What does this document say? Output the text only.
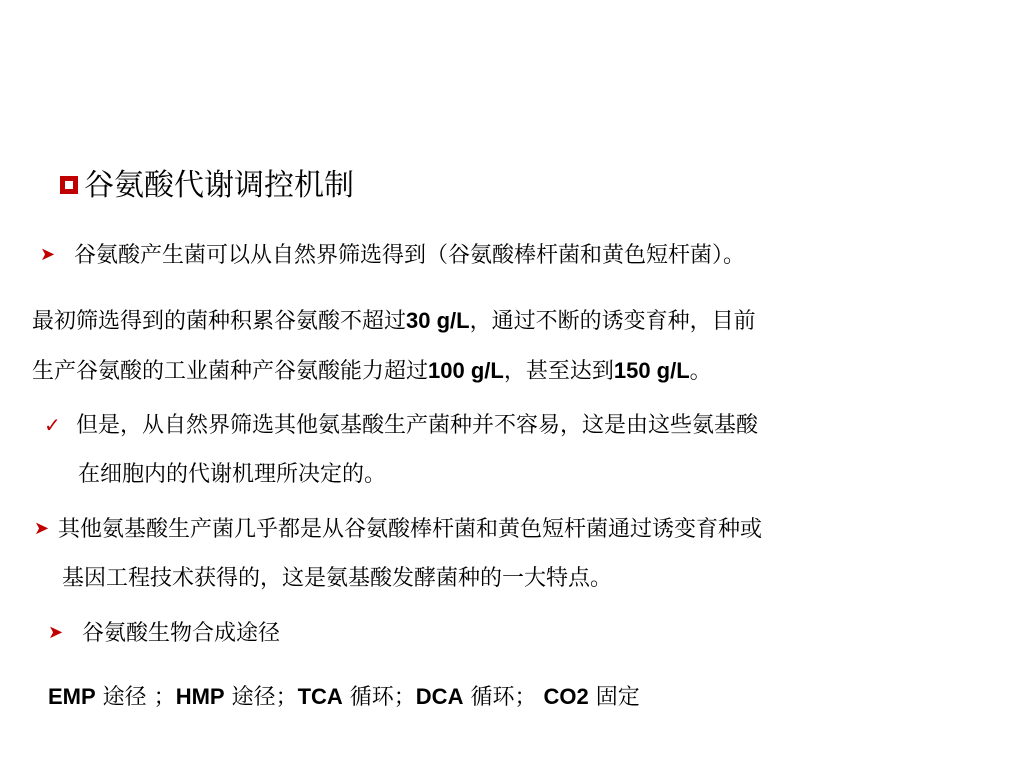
谷氨酸代谢调控机制
➤ 谷氨酸产生菌可以从自然界筛选得到（谷氨酸棒杆菌和黄色短杆菌）。
最初筛选得到的菌种积累谷氨酸不超过30 g/L，通过不断的诱变育种，目前
生产谷氨酸的工业菌种产谷氨酸能力超过100 g/L，甚至达到150 g/L。
✓ 但是，从自然界筛选其他氨基酸生产菌种并不容易，这是由这些氨基酸
在细胞内的代谢机理所决定的。
➤ 其他氨基酸生产菌几乎都是从谷氨酸棒杆菌和黄色短杆菌通过诱变育种或
基因工程技术获得的，这是氨基酸发酵菌种的一大特点。
➤ 谷氨酸生物合成途径
EMP 途径 ；HMP 途径；TCA 循环；DCA 循环； CO2 固定
